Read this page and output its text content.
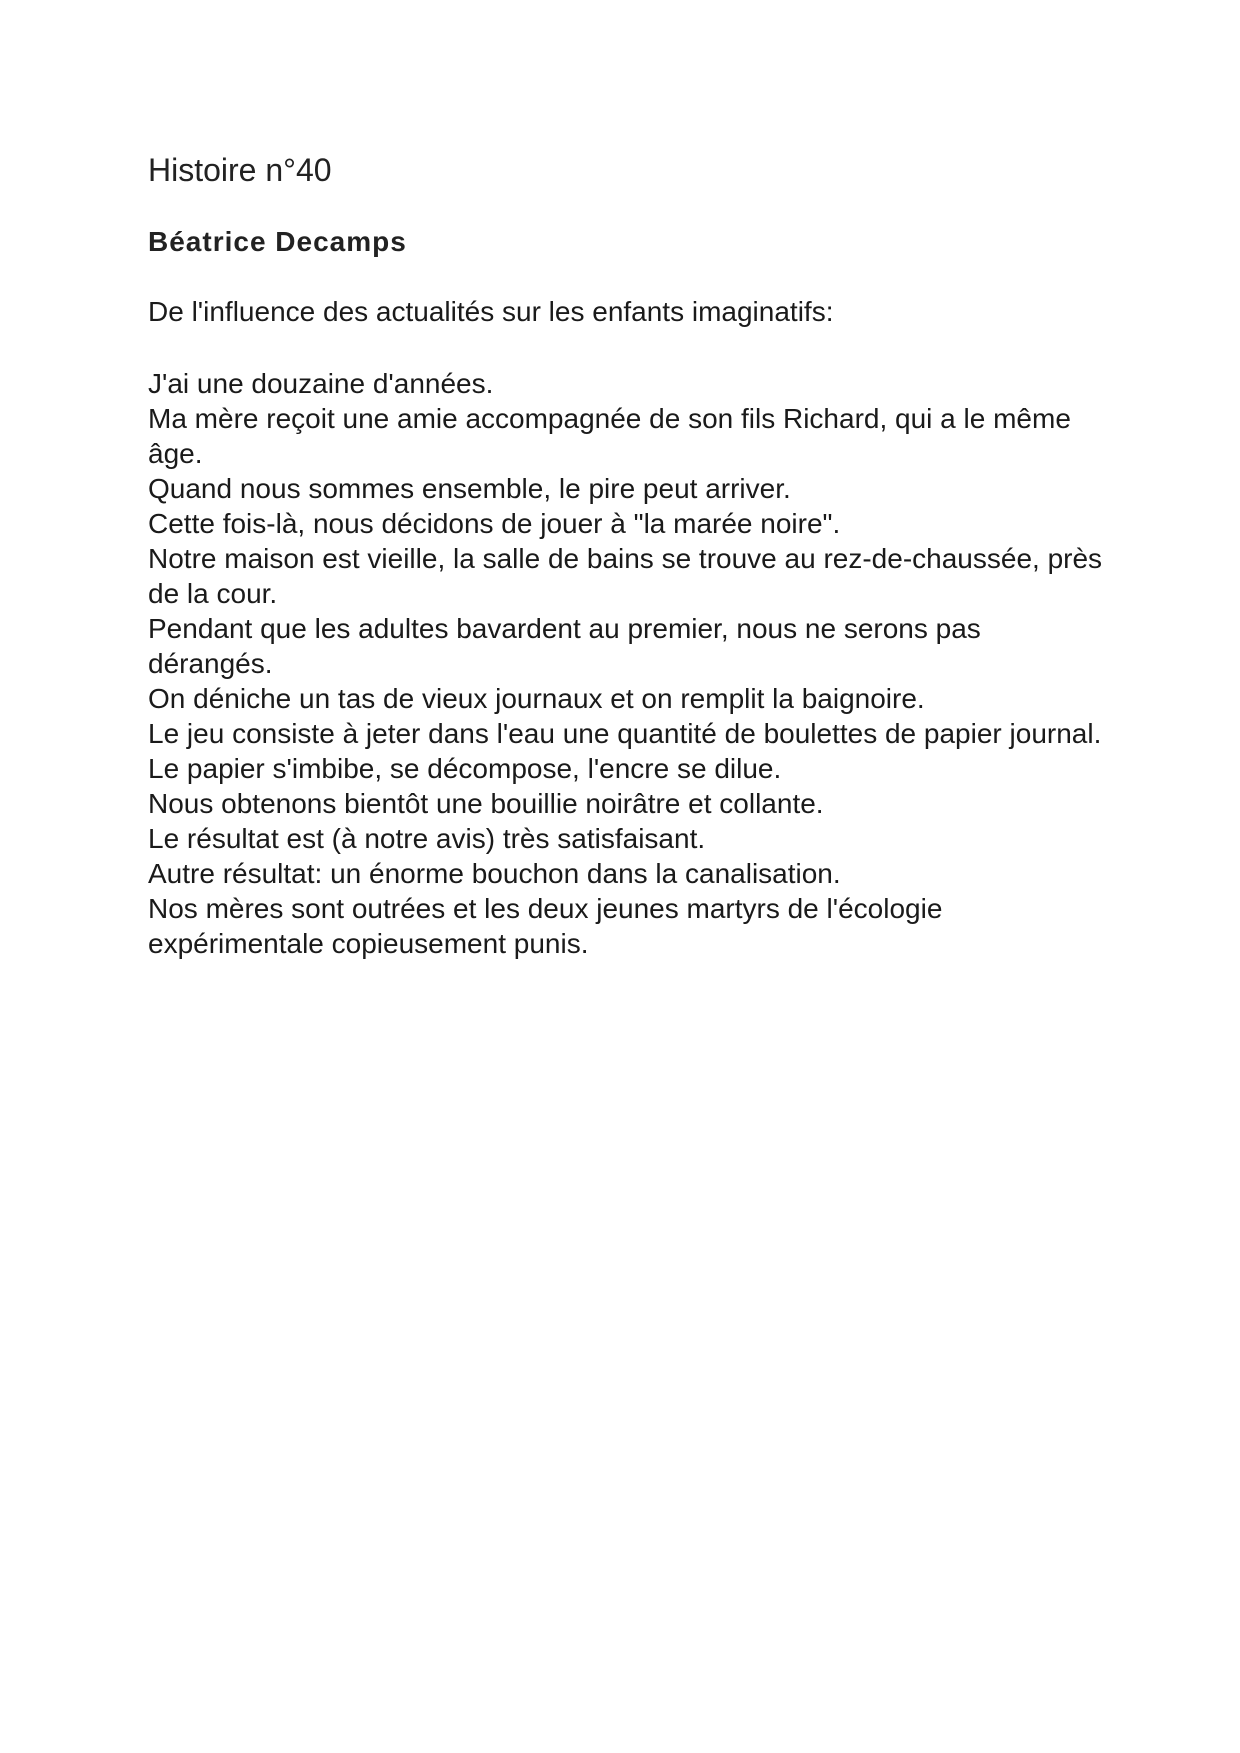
Histoire n°40
Béatrice Decamps

De l'influence des actualités sur les enfants imaginatifs:

J'ai une douzaine d'années.

Ma mère reçoit une amie accompagnée de son fils Richard, qui a le même âge.

Quand nous sommes ensemble, le pire peut arriver.

Cette fois-là, nous décidons de jouer à "la marée noire".

Notre maison est vieille, la salle de bains se trouve au rez-de-chaussée, près de la cour.

Pendant que les adultes bavardent au premier, nous ne serons pas dérangés.

On déniche un tas de vieux journaux et on remplit la baignoire.

Le jeu consiste à jeter dans l'eau une quantité de boulettes de papier journal.

Le papier s'imbibe, se décompose, l'encre se dilue.

Nous obtenons bientôt une bouillie noirâtre et collante.

Le résultat est (à notre avis) très satisfaisant.

Autre résultat: un énorme bouchon dans la canalisation.

Nos mères sont outrées et les deux jeunes martyrs de l'écologie expérimentale copieusement punis.
